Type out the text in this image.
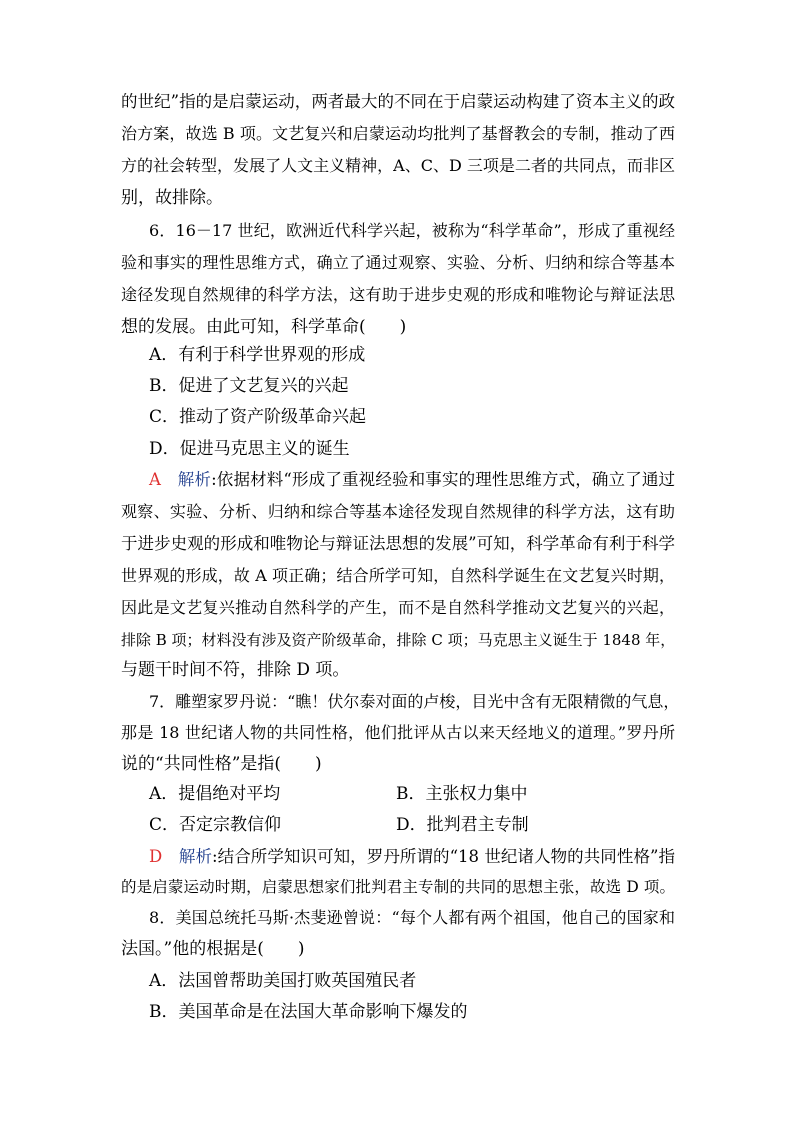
的世纪”指的是启蒙运动，两者最大的不同在于启蒙运动构建了资本主义的政
治方案，故选 B 项。文艺复兴和启蒙运动均批判了基督教会的专制，推动了西
方的社会转型，发展了人文主义精神，A、C、D 三项是二者的共同点，而非区
别，故排除。
6．16－17 世纪，欧洲近代科学兴起，被称为“科学革命”，形成了重视经
验和事实的理性思维方式，确立了通过观察、实验、分析、归纳和综合等基本
途径发现自然规律的科学方法，这有助于进步史观的形成和唯物论与辩证法思
想的发展。由此可知，科学革命(　　)
A．有利于科学世界观的形成
B．促进了文艺复兴的兴起
C．推动了资产阶级革命兴起
D．促进马克思主义的诞生
A　 解析:依据材料“形成了重视经验和事实的理性思维方式，确立了通过
观察、实验、分析、归纳和综合等基本途径发现自然规律的科学方法，这有助
于进步史观的形成和唯物论与辩证法思想的发展”可知，科学革命有利于科学
世界观的形成，故 A 项正确；结合所学可知，自然科学诞生在文艺复兴时期，
因此是文艺复兴推动自然科学的产生，而不是自然科学推动文艺复兴的兴起，
排除 B 项；材料没有涉及资产阶级革命，排除 C 项；马克思主义诞生于 1848 年，
与题干时间不符，排除 D 项。
7．雕塑家罗丹说：“瞧！伏尔泰对面的卢梭，目光中含有无限精微的气息，
那是 18 世纪诸人物的共同性格，他们批评从古以来天经地义的道理。”罗丹所
说的“共同性格”是指(　　)
A．提倡绝对平均	B．主张权力集中
C．否定宗教信仰	D．批判君主专制
D　 解析:结合所学知识可知，罗丹所谓的“18 世纪诸人物的共同性格”指
的是启蒙运动时期，启蒙思想家们批判君主专制的共同的思想主张，故选 D 项。
8．美国总统托马斯·杰斐逊曾说：“每个人都有两个祖国，他自己的国家和
法国。”他的根据是(　　)
A．法国曾帮助美国打败英国殖民者
B．美国革命是在法国大革命影响下爆发的
